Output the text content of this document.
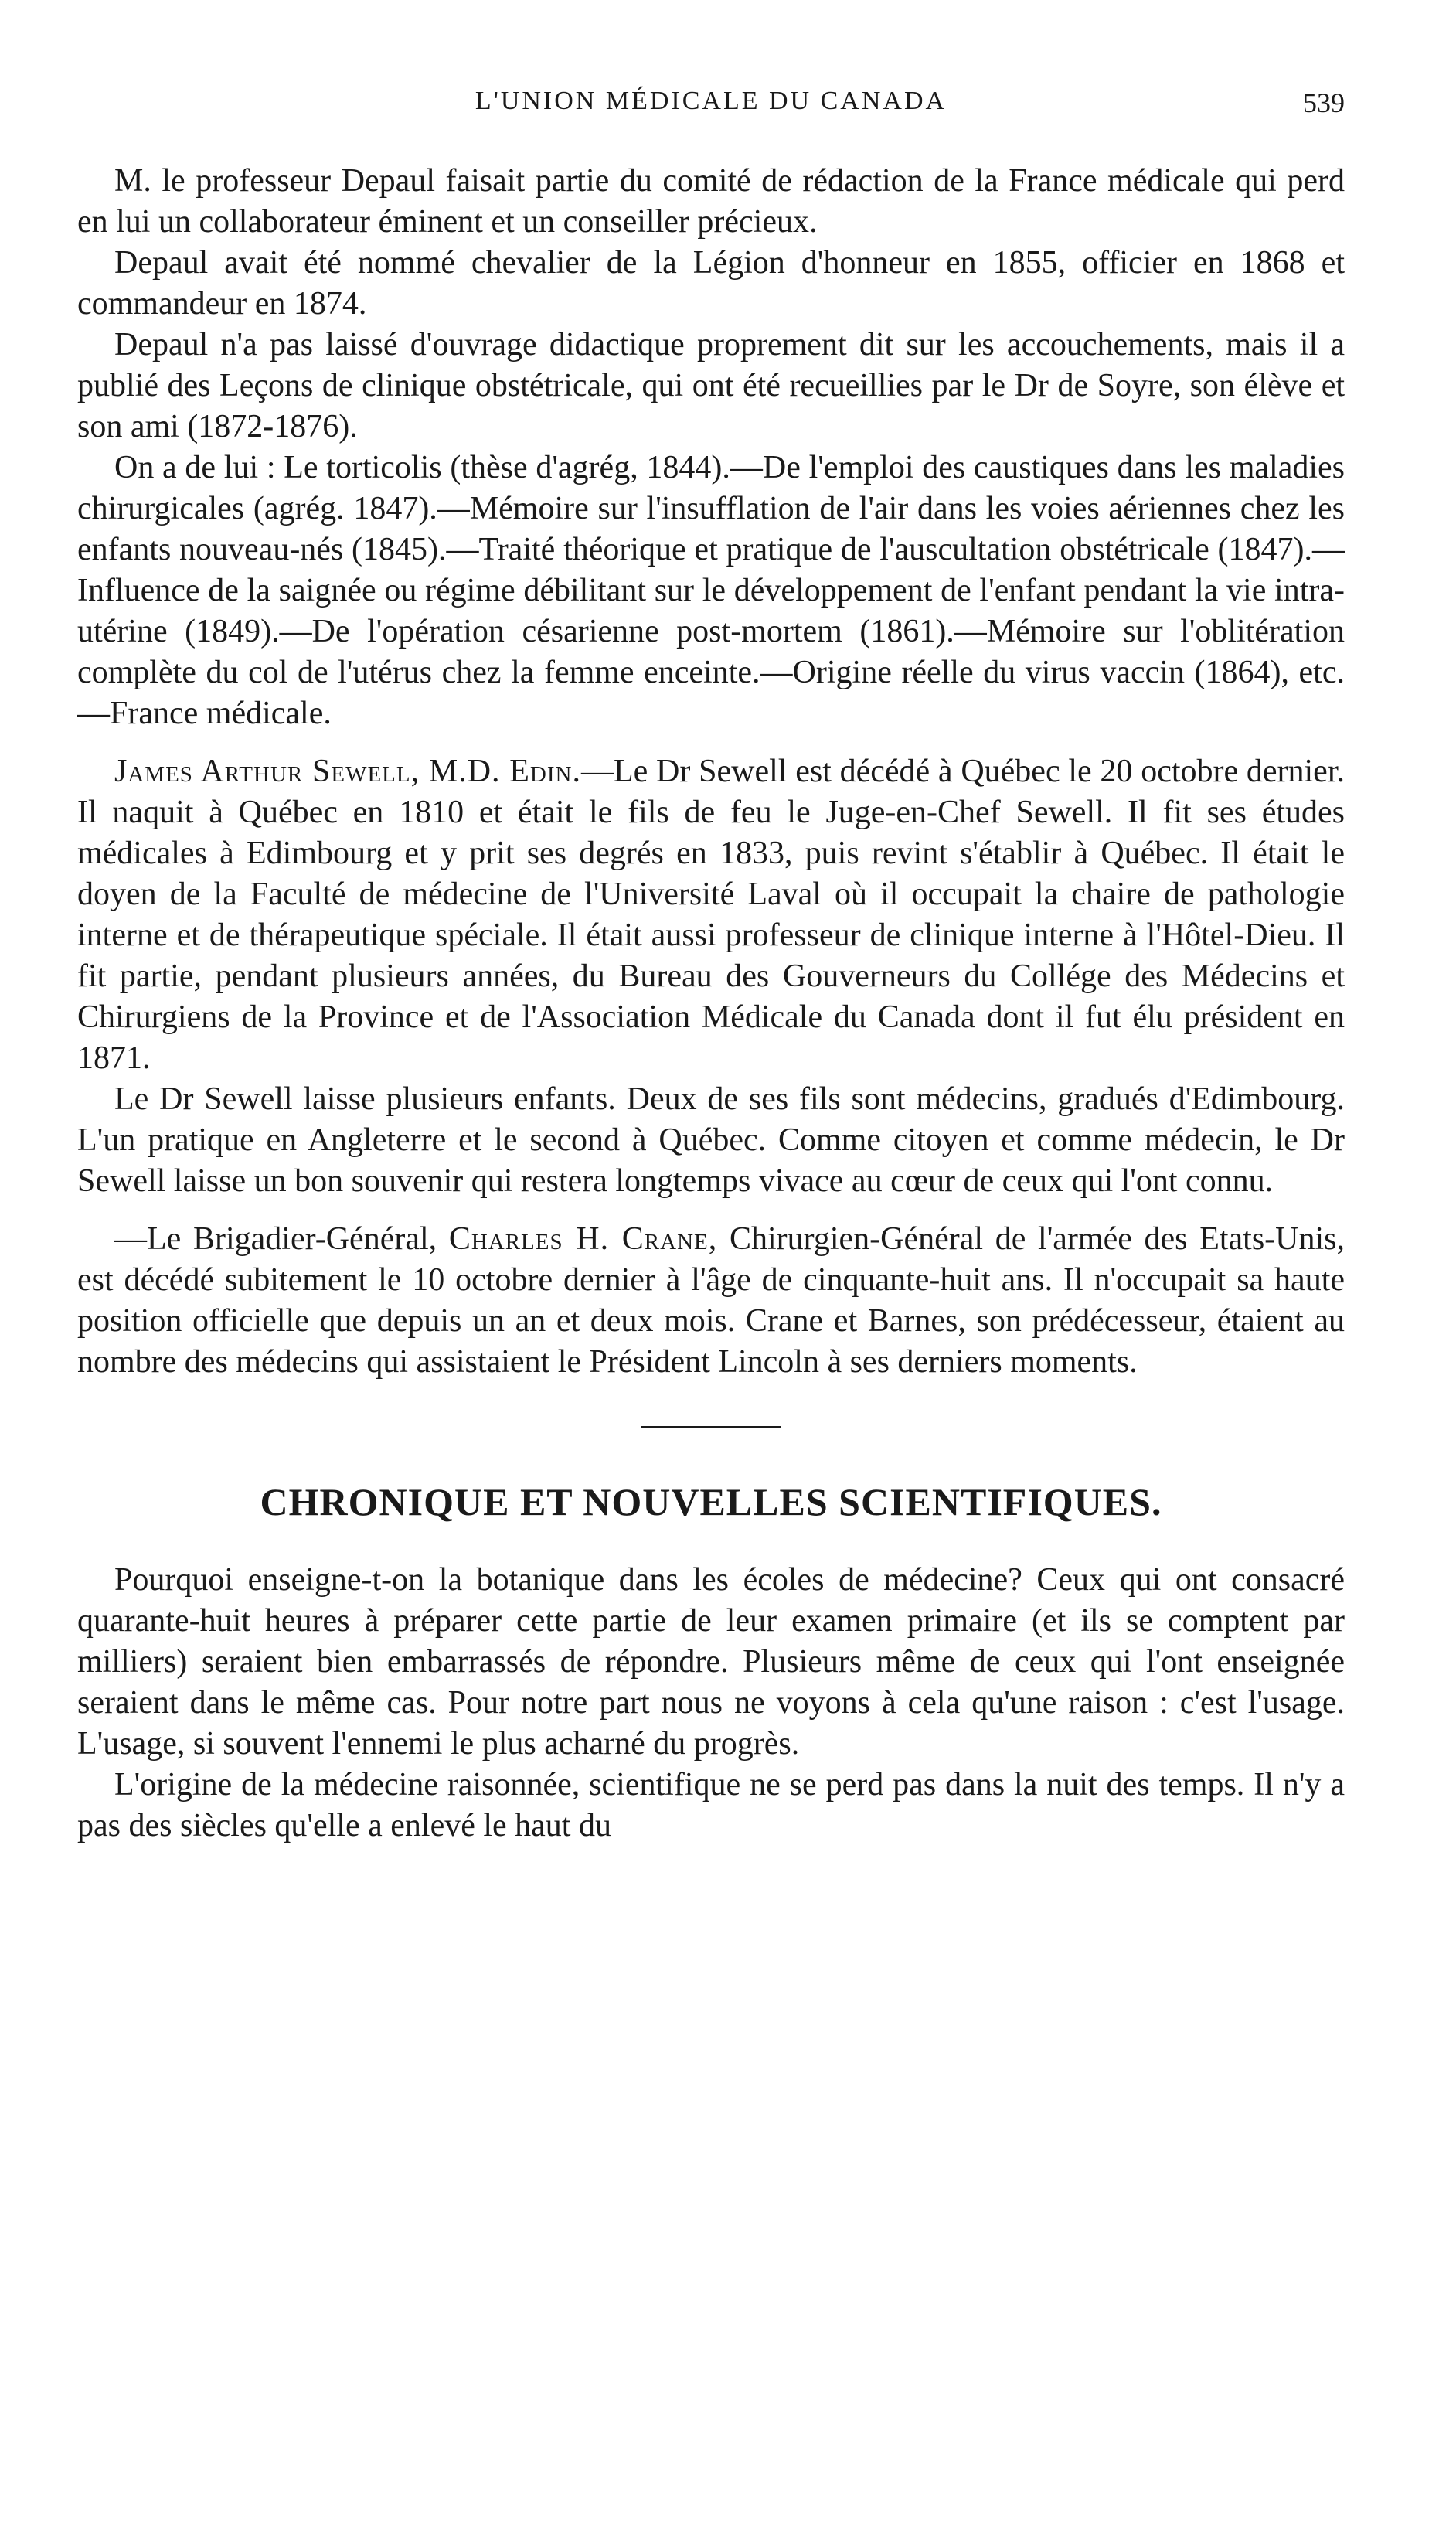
L'UNION MÉDICALE DU CANADA	539

M. le professeur Depaul faisait partie du comité de rédaction de la France médicale qui perd en lui un collaborateur éminent et un conseiller précieux.

Depaul avait été nommé chevalier de la Légion d'honneur en 1855, officier en 1868 et commandeur en 1874.

Depaul n'a pas laissé d'ouvrage didactique proprement dit sur les accouchements, mais il a publié des Leçons de clinique obstétricale, qui ont été recueillies par le Dr de Soyre, son élève et son ami (1872-1876).

On a de lui : Le torticolis (thèse d'agrég, 1844).—De l'emploi des caustiques dans les maladies chirurgicales (agrég. 1847).—Mémoire sur l'insufflation de l'air dans les voies aériennes chez les enfants nouveau-nés (1845).—Traité théorique et pratique de l'auscultation obstétricale (1847).—Influence de la saignée ou régime débilitant sur le développement de l'enfant pendant la vie intra-utérine (1849).—De l'opération césarienne post-mortem (1861).—Mémoire sur l'oblitération complète du col de l'utérus chez la femme enceinte.—Origine réelle du virus vaccin (1864), etc.—France médicale.

James Arthur Sewell, M.D. Edin.—Le Dr Sewell est décédé à Québec le 20 octobre dernier. Il naquit à Québec en 1810 et était le fils de feu le Juge-en-Chef Sewell. Il fit ses études médicales à Edimbourg et y prit ses degrés en 1833, puis revint s'établir à Québec. Il était le doyen de la Faculté de médecine de l'Université Laval où il occupait la chaire de pathologie interne et de thérapeutique spéciale. Il était aussi professeur de clinique interne à l'Hôtel-Dieu. Il fit partie, pendant plusieurs années, du Bureau des Gouverneurs du Collége des Médecins et Chirurgiens de la Province et de l'Association Médicale du Canada dont il fut élu président en 1871.

Le Dr Sewell laisse plusieurs enfants. Deux de ses fils sont médecins, gradués d'Edimbourg. L'un pratique en Angleterre et le second à Québec. Comme citoyen et comme médecin, le Dr Sewell laisse un bon souvenir qui restera longtemps vivace au cœur de ceux qui l'ont connu.

—Le Brigadier-Général, Charles H. Crane, Chirurgien-Général de l'armée des Etats-Unis, est décédé subitement le 10 octobre dernier à l'âge de cinquante-huit ans. Il n'occupait sa haute position officielle que depuis un an et deux mois. Crane et Barnes, son prédécesseur, étaient au nombre des médecins qui assistaient le Président Lincoln à ses derniers moments.

CHRONIQUE ET NOUVELLES SCIENTIFIQUES.

Pourquoi enseigne-t-on la botanique dans les écoles de médecine? Ceux qui ont consacré quarante-huit heures à préparer cette partie de leur examen primaire (et ils se comptent par milliers) seraient bien embarrassés de répondre. Plusieurs même de ceux qui l'ont enseignée seraient dans le même cas. Pour notre part nous ne voyons à cela qu'une raison : c'est l'usage. L'usage, si souvent l'ennemi le plus acharné du progrès.

L'origine de la médecine raisonnée, scientifique ne se perd pas dans la nuit des temps. Il n'y a pas des siècles qu'elle a enlevé le haut du
